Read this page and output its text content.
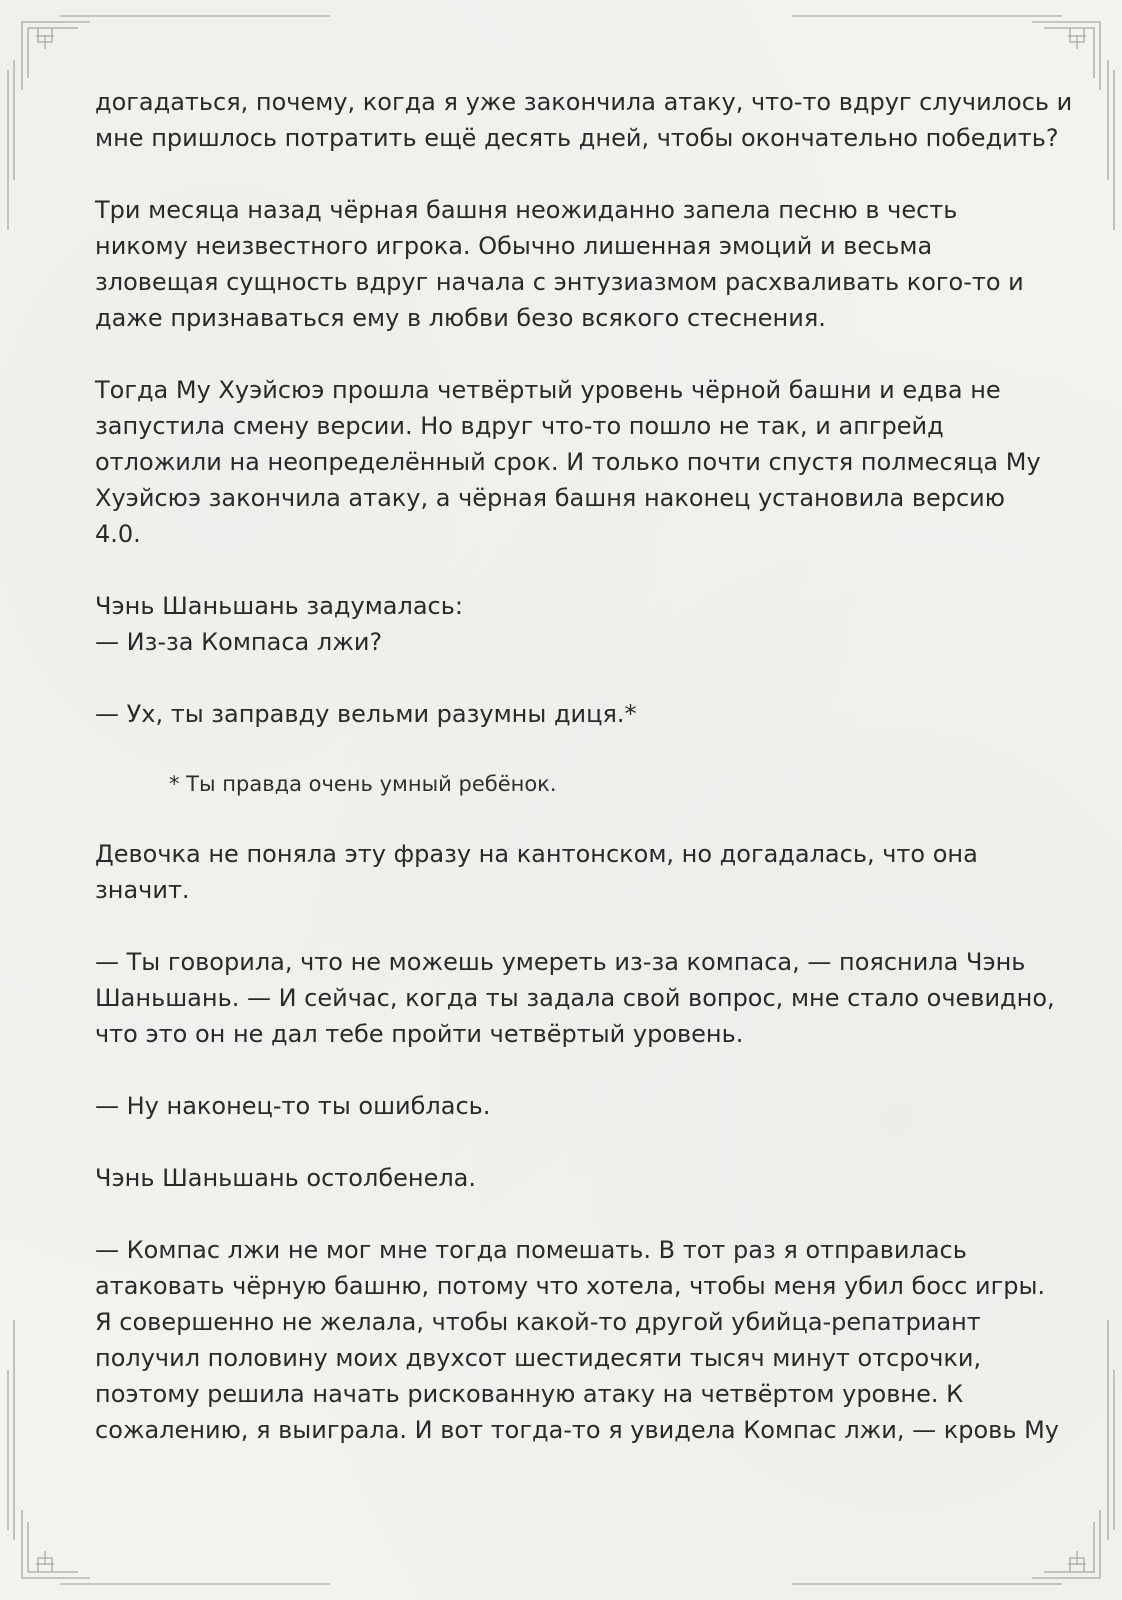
догадаться, почему, когда я уже закончила атаку, что-то вдруг случилось и
мне пришлось потратить ещё десять дней, чтобы окончательно победить?

Три месяца назад чёрная башня неожиданно запела песню в честь
никому неизвестного игрока. Обычно лишенная эмоций и весьма
зловещая сущность вдруг начала с энтузиазмом расхваливать кого-то и
даже признаваться ему в любви безо всякого стеснения.

Тогда Му Хуэйсюэ прошла четвёртый уровень чёрной башни и едва не
запустила смену версии. Но вдруг что-то пошло не так, и апгрейд
отложили на неопределённый срок. И только почти спустя полмесяца Му
Хуэйсюэ закончила атаку, а чёрная башня наконец установила версию
4.0.

Чэнь Шаньшань задумалась:
— Из-за Компаса лжи?

— Ух, ты заправду вельми разумны диця.*

* Ты правда очень умный ребёнок.

Девочка не поняла эту фразу на кантонском, но догадалась, что она
значит.

— Ты говорила, что не можешь умереть из-за компаса, — пояснила Чэнь
Шаньшань. — И сейчас, когда ты задала свой вопрос, мне стало очевидно,
что это он не дал тебе пройти четвёртый уровень.

— Ну наконец-то ты ошиблась.

Чэнь Шаньшань остолбенела.

— Компас лжи не мог мне тогда помешать. В тот раз я отправилась
атаковать чёрную башню, потому что хотела, чтобы меня убил босс игры.
Я совершенно не желала, чтобы какой-то другой убийца-репатриант
получил половину моих двухсот шестидесяти тысяч минут отсрочки,
поэтому решила начать рискованную атаку на четвёртом уровне. К
сожалению, я выиграла. И вот тогда-то я увидела Компас лжи, — кровь Му
